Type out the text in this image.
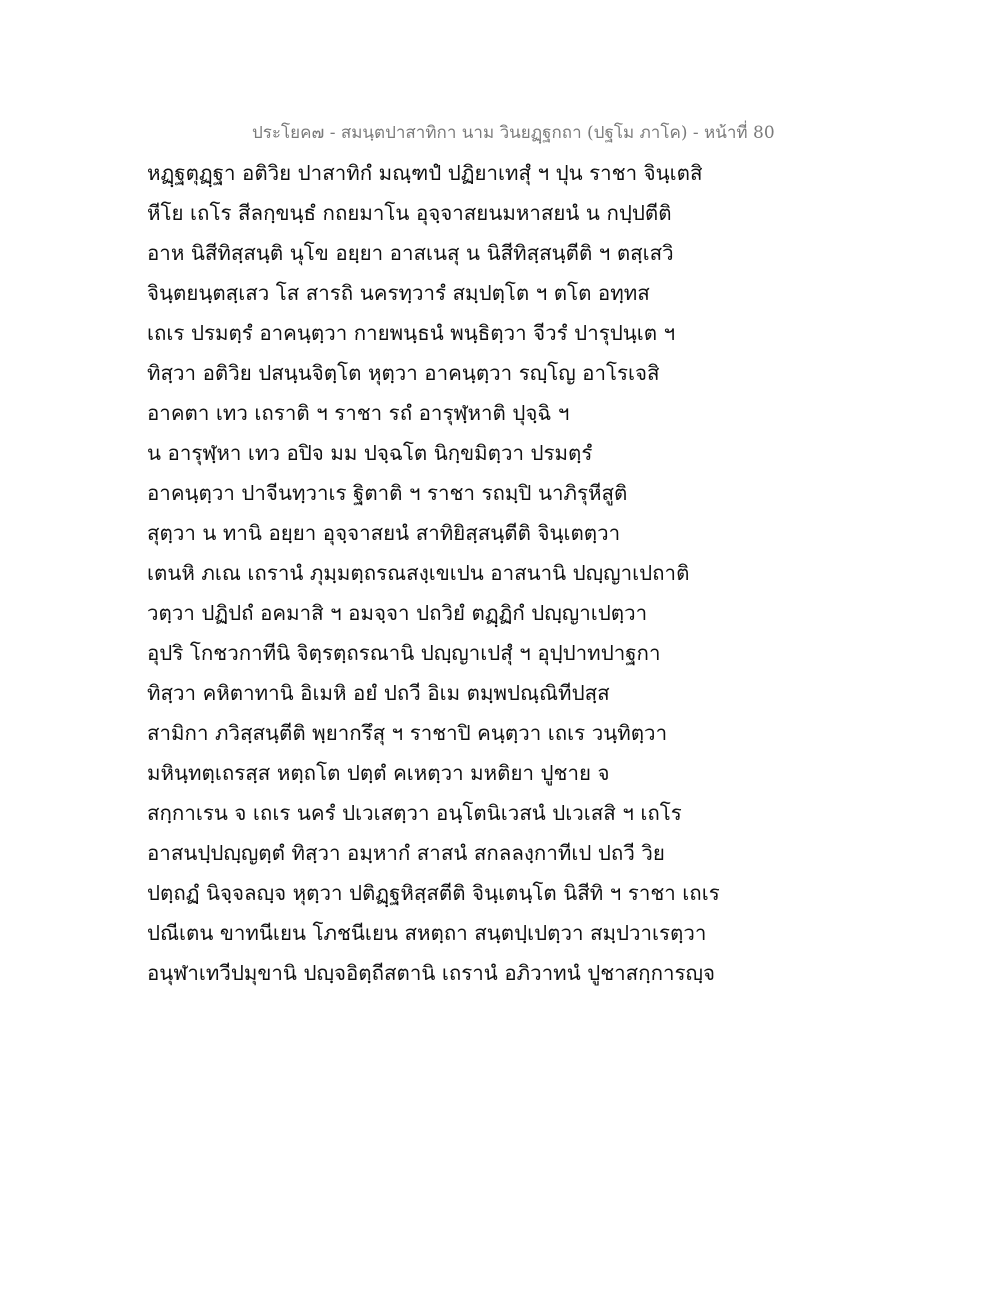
ประโยค๗ - สมนฺตปาสาทิกา นาม วินยฏฺฐกถา (ปฐโม ภาโค) - หน้าที่ 80
หฏฺฐตุฏฺฐา อติวิย ปาสาทิกํ มณฺฑปํ ปฏิยาเทสุํ ฯ ปุน ราชา จินฺเตสิ
หีโย เถโร สีลกฺขนฺธํ กถยมาโน อุจฺจาสยนมหาสยนํ น กปฺปตีติ
อาห นิสีทิสฺสนฺติ นุโข อยฺยา อาสเนสุ น นิสีทิสฺสนฺตีติ ฯ ตสฺเสวิ
จินฺตยนฺตสฺเสว โส สารถิ นครทฺวารํ สมฺปตฺโต ฯ ตโต อทฺทส
เถเร ปรมตฺรํ อาคนฺตฺวา กายพนฺธนํ พนฺธิตฺวา จีวรํ ปารุปนฺเต ฯ
ทิสฺวา อติวิย ปสนฺนจิตฺโต หุตฺวา อาคนฺตฺวา รญฺโญ อาโรเจสิ
อาคตา เทว เถราติ ฯ ราชา รถํ อารุฬฺหาติ ปุจฺฉิ ฯ
น อารุฬฺหา เทว อปิจ มม ปจฺฉโต นิกฺขมิตฺวา ปรมตฺรํ
อาคนฺตฺวา ปาจีนทฺวาเร ฐิตาติ ฯ ราชา รถมฺปิ นาภิรุหีสูติ
สุตฺวา น ทานิ อยฺยา อุจฺจาสยนํ สาทิยิสฺสนฺตีติ จินฺเตตฺวา
เตนหิ ภเณ เถรานํ ภุมฺมตฺถรณสงฺเขเปน อาสนานิ ปญฺญาเปถาติ
วตฺวา ปฏิปถํ อคมาสิ ฯ อมจฺจา ปถวิยํ ตฏฺฏิกํ ปญฺญาเปตฺวา
อุปริ โกชวกาทีนิ จิตฺรตฺถรณานิ ปญฺญาเปสุํ ฯ อุปฺปาทปาฐกา
ทิสฺวา คหิตาทานิ อิเมหิ อยํ ปถวี อิเม ตมฺพปณฺณิทีปสฺส
สามิกา ภวิสฺสนฺตีติ พฺยากรึสุ ฯ ราชาปิ คนฺตฺวา เถเร วนฺทิตฺวา
มหินฺทตฺเถรสฺส หตฺถโต ปตฺตํ คเหตฺวา มหติยา ปูชาย จ
สกฺกาเรน จ เถเร นครํ ปเวเสตฺวา อนฺโตนิเวสนํ ปเวเสสิ ฯ เถโร
อาสนปฺปญฺญตฺตํ ทิสฺวา อมฺหากํ สาสนํ สกลลงฺกาทีเป ปถวี วิย
ปตฺถฏํ นิจฺจลญฺจ หุตฺวา ปติฏฺฐหิสฺสตีติ จินฺเตนฺโต นิสีทิ ฯ ราชา เถเร
ปณีเตน ขาทนีเยน โภชนีเยน สหตฺถา สนฺตปฺเปตฺวา สมฺปวาเรตฺวา
อนุฬาเทวีปมุขานิ ปญฺจอิตฺถีสตานิ เถรานํ อภิวาทนํ ปูชาสกฺการญฺจ
